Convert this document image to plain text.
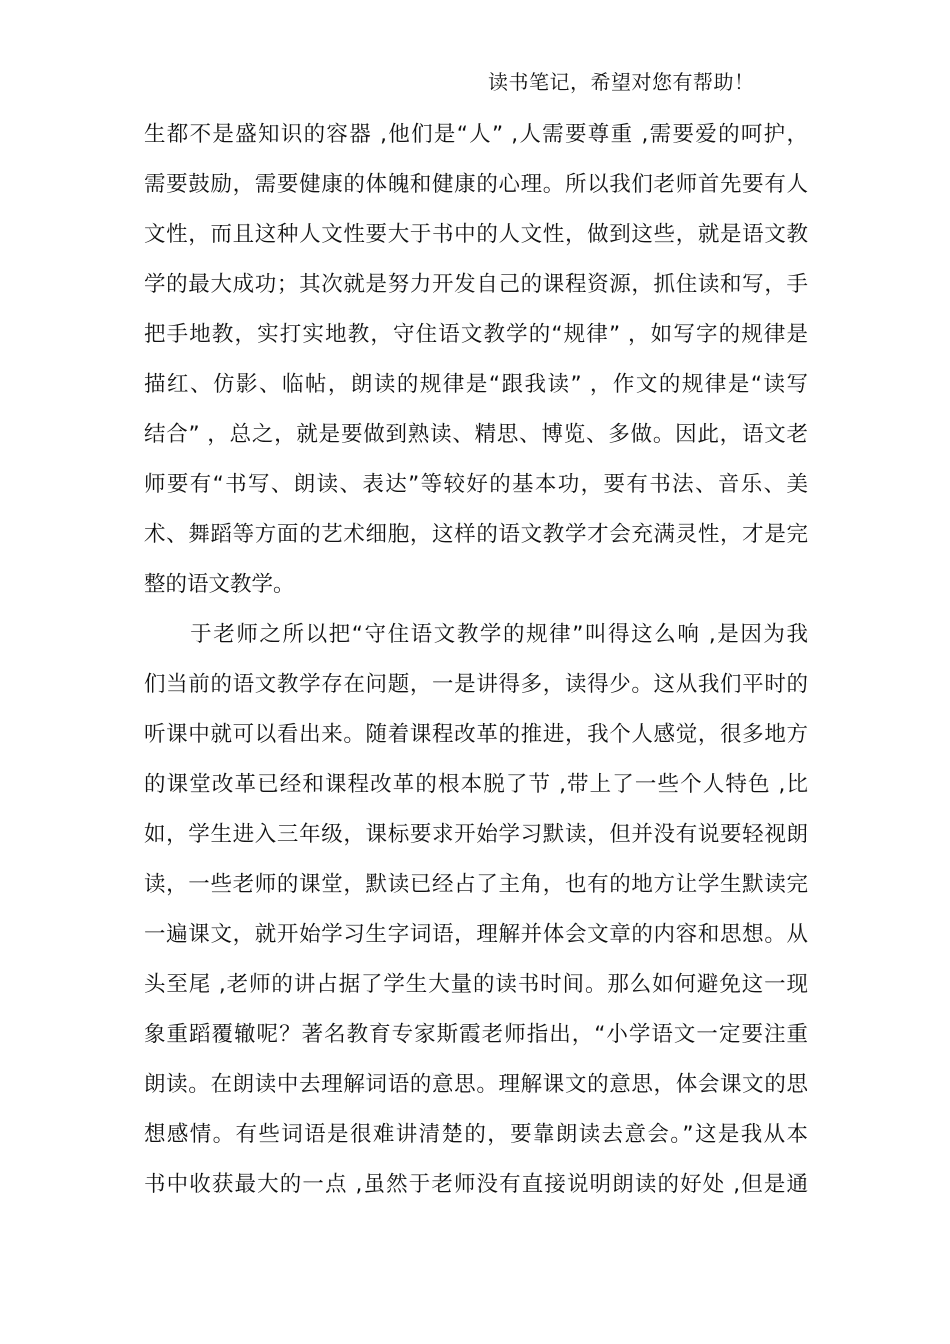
读书笔记，希望对您有帮助！
生都不是盛知识的容器 ,他们是“人” ,人需要尊重 ,需要爱的呵护，
需要鼓励，需要健康的体魄和健康的心理。所以我们老师首先要有人
文性，而且这种人文性要大于书中的人文性，做到这些，就是语文教
学的最大成功；其次就是努力开发自己的课程资源，抓住读和写，手
把手地教，实打实地教，守住语文教学的“规律” ，如写字的规律是
描红、仿影、临帖，朗读的规律是“跟我读” ，作文的规律是“读写
结合” ，总之，就是要做到熟读、精思、博览、多做。因此，语文老
师要有“书写、朗读、表达”等较好的基本功，要有书法、音乐、美
术、舞蹈等方面的艺术细胞，这样的语文教学才会充满灵性，才是完
整的语文教学。
　　于老师之所以把“守住语文教学的规律”叫得这么响 ,是因为我
们当前的语文教学存在问题，一是讲得多，读得少。这从我们平时的
听课中就可以看出来。随着课程改革的推进，我个人感觉，很多地方
的课堂改革已经和课程改革的根本脱了节 ,带上了一些个人特色 ,比
如，学生进入三年级，课标要求开始学习默读，但并没有说要轻视朗
读，一些老师的课堂，默读已经占了主角，也有的地方让学生默读完
一遍课文，就开始学习生字词语，理解并体会文章的内容和思想。从
头至尾 ,老师的讲占据了学生大量的读书时间。那么如何避免这一现
象重蹈覆辙呢？著名教育专家斯霞老师指出，“小学语文一定要注重
朗读。在朗读中去理解词语的意思。理解课文的意思，体会课文的思
想感情。有些词语是很难讲清楚的，要靠朗读去意会。”这是我从本
书中收获最大的一点 ,虽然于老师没有直接说明朗读的好处 ,但是通
